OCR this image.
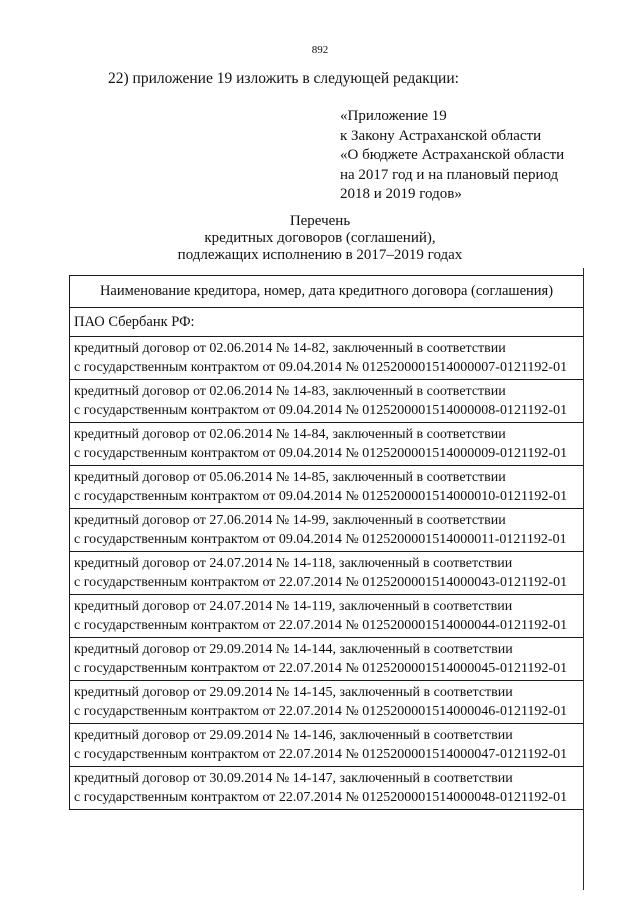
892
22) приложение 19 изложить в следующей редакции:
«Приложение 19
к Закону Астраханской области
«О бюджете Астраханской области
на 2017 год и на плановый период
2018 и 2019 годов»
Перечень
кредитных договоров (соглашений),
подлежащих исполнению в 2017–2019 годах
Наименование кредитора, номер, дата кредитного договора (соглашения)
ПАО Сбербанк РФ:

кредитный договор от 02.06.2014 № 14-82, заключенный в соответствии
с государственным контрактом от 09.04.2014 № 0125200001514000007-0121192-01

кредитный договор от 02.06.2014 № 14-83, заключенный в соответствии
с государственным контрактом от 09.04.2014 № 0125200001514000008-0121192-01

кредитный договор от 02.06.2014 № 14-84, заключенный в соответствии
с государственным контрактом от 09.04.2014 № 0125200001514000009-0121192-01

кредитный договор от 05.06.2014 № 14-85, заключенный в соответствии
с государственным контрактом от 09.04.2014 № 0125200001514000010-0121192-01

кредитный договор от 27.06.2014 № 14-99, заключенный в соответствии
с государственным контрактом от 09.04.2014 № 0125200001514000011-0121192-01

кредитный договор от 24.07.2014 № 14-118, заключенный в соответствии
с государственным контрактом от 22.07.2014 № 0125200001514000043-0121192-01

кредитный договор от 24.07.2014 № 14-119, заключенный в соответствии
с государственным контрактом от 22.07.2014 № 0125200001514000044-0121192-01

кредитный договор от 29.09.2014 № 14-144, заключенный в соответствии
с государственным контрактом от 22.07.2014 № 0125200001514000045-0121192-01

кредитный договор от 29.09.2014 № 14-145, заключенный в соответствии
с государственным контрактом от 22.07.2014 № 0125200001514000046-0121192-01

кредитный договор от 29.09.2014 № 14-146, заключенный в соответствии
с государственным контрактом от 22.07.2014 № 0125200001514000047-0121192-01

кредитный договор от 30.09.2014 № 14-147, заключенный в соответствии
с государственным контрактом от 22.07.2014 № 0125200001514000048-0121192-01
